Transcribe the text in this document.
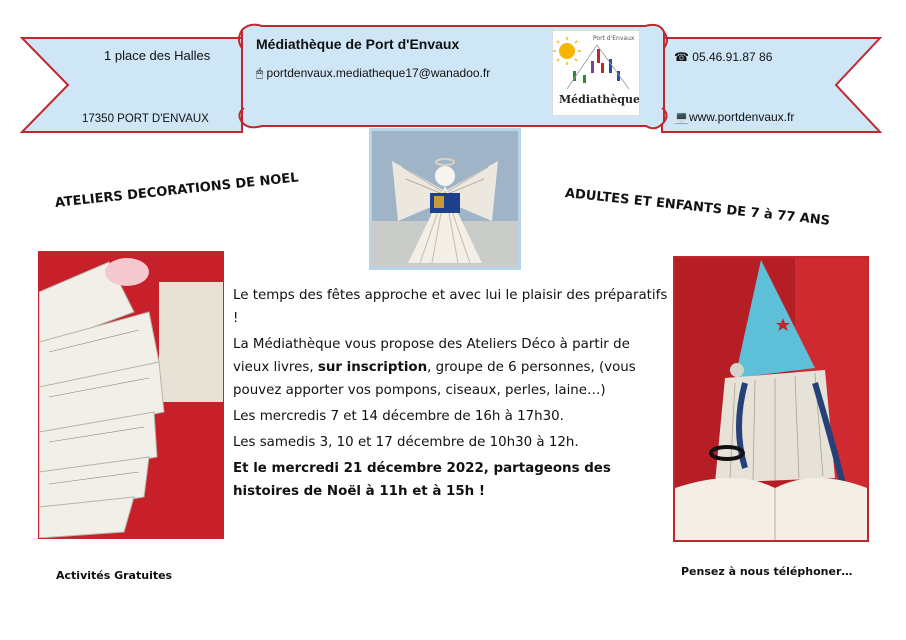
1 place des Halles
17350 PORT D'ENVAUX
Médiathèque de Port d'Envaux
🖱 portdenvaux.mediatheque17@wanadoo.fr
Port d'Envaux
Médiathèque
☎ 05.46.91.87 86
💻www.portdenvaux.fr
ATELIERS DECORATIONS DE NOEL	ADULTES ET ENFANTS DE 7 à 77 ANS

Le temps des fêtes approche et avec lui le plaisir des préparatifs !

La Médiathèque vous propose des Ateliers Déco à partir de vieux livres, sur inscription, groupe de 6 personnes, (vous pouvez apporter vos pompons, ciseaux, perles, laine…)

Les mercredis 7 et 14 décembre de 16h à 17h30.

Les samedis 3, 10 et 17 décembre de 10h30 à 12h.

Et le mercredi 21 décembre 2022, partageons des histoires de Noël à 11h et à 15h !

Activités Gratuites	Pensez à nous téléphoner…
